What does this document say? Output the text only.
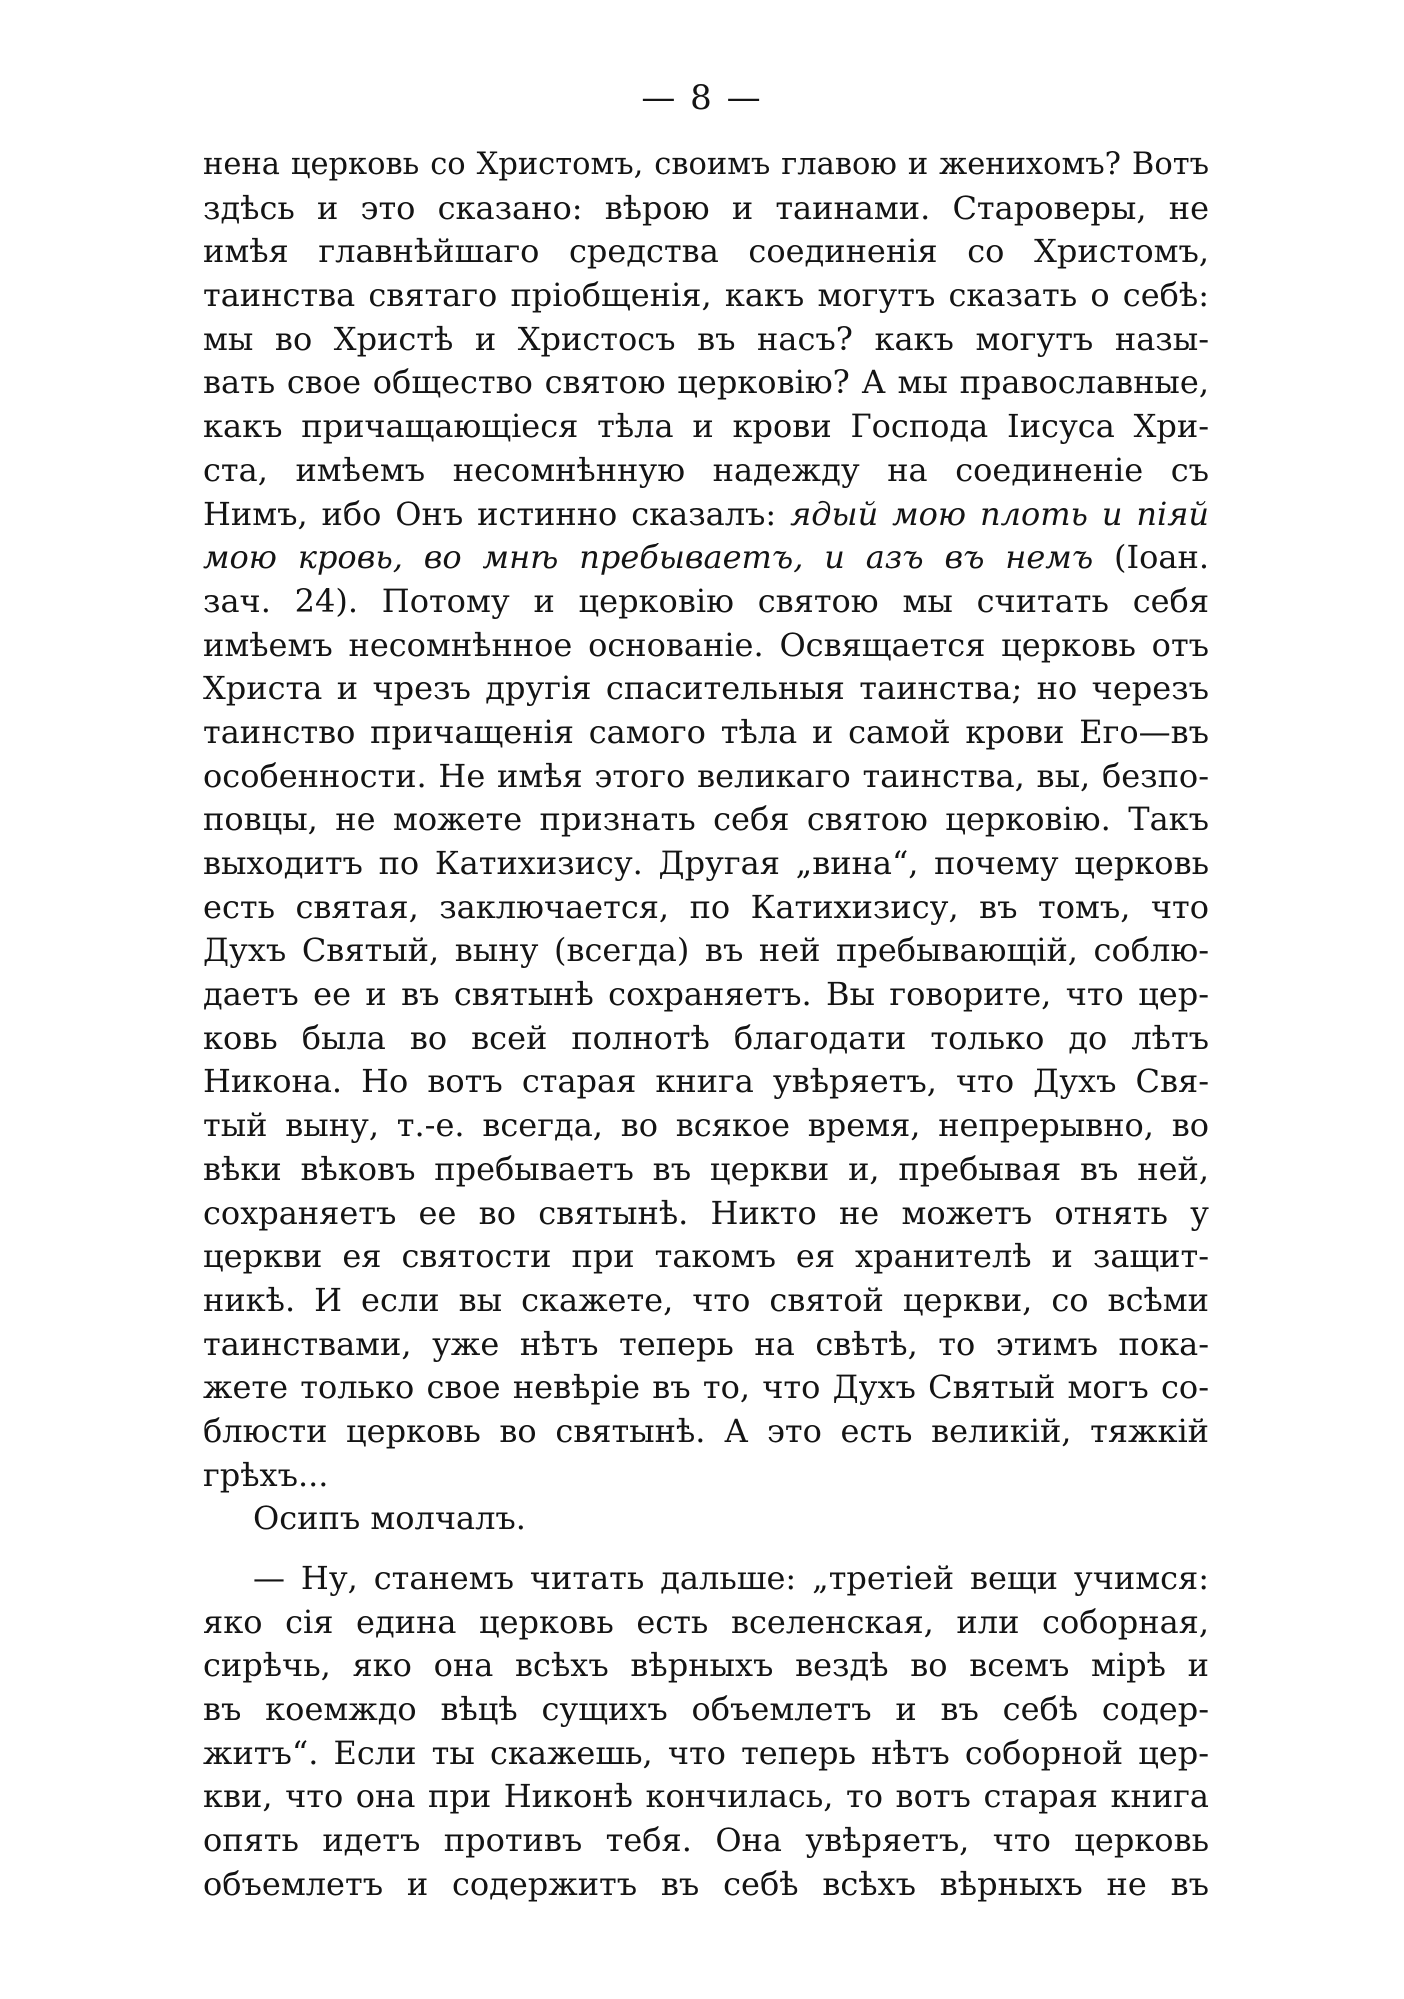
— 8 —
нена церковь со Христомъ, своимъ главою и женихомъ? Вотъ
здѣсь и это сказано: вѣрою и таинами. Староверы, не
имѣя главнѣйшаго средства соединенія со Христомъ,
таинства святаго пріобщенія, какъ могутъ сказать о себѣ:
мы во Христѣ и Христосъ въ насъ? какъ могутъ назы-
вать свое общество святою церковію? А мы православные,
какъ причащающіеся тѣла и крови Господа Іисуса Хри-
ста, имѣемъ несомнѣнную надежду на соединеніе съ
Нимъ, ибо Онъ истинно сказалъ: ядый мою плоть и піяй
мою кровь, во мнѣ пребываетъ, и азъ въ немъ (Іоан.
зач. 24). Потому и церковію святою мы считать себя
имѣемъ несомнѣнное основаніе. Освящается церковь отъ
Христа и чрезъ другія спасительныя таинства; но черезъ
таинство причащенія самого тѣла и самой крови Его—въ
особенности. Не имѣя этого великаго таинства, вы, безпо-
повцы, не можете признать себя святою церковію. Такъ
выходитъ по Катихизису. Другая „вина“, почему церковь
есть святая, заключается, по Катихизису, въ томъ, что
Духъ Святый, выну (всегда) въ ней пребывающій, соблю-
даетъ ее и въ святынѣ сохраняетъ. Вы говорите, что цер-
ковь была во всей полнотѣ благодати только до лѣтъ
Никона. Но вотъ старая книга увѣряетъ, что Духъ Свя-
тый выну, т.-е. всегда, во всякое время, непрерывно, во
вѣки вѣковъ пребываетъ въ церкви и, пребывая въ ней,
сохраняетъ ее во святынѣ. Никто не можетъ отнять у
церкви ея святости при такомъ ея хранителѣ и защит-
никѣ. И если вы скажете, что святой церкви, со всѣми
таинствами, уже нѣтъ теперь на свѣтѣ, то этимъ пока-
жете только свое невѣріе въ то, что Духъ Святый могъ со-
блюсти церковь во святынѣ. А это есть великій, тяжкій
грѣхъ...
Осипъ молчалъ.
— Ну, станемъ читать дальше: „третіей вещи учимся:
яко сія едина церковь есть вселенская, или соборная,
сирѣчь, яко она всѣхъ вѣрныхъ вездѣ во всемъ мірѣ и
въ коемждо вѣцѣ сущихъ объемлетъ и въ себѣ содер-
житъ“. Если ты скажешь, что теперь нѣтъ соборной цер-
кви, что она при Никонѣ кончилась, то вотъ старая книга
опять идетъ противъ тебя. Она увѣряетъ, что церковь
объемлетъ и содержитъ въ себѣ всѣхъ вѣрныхъ не въ
